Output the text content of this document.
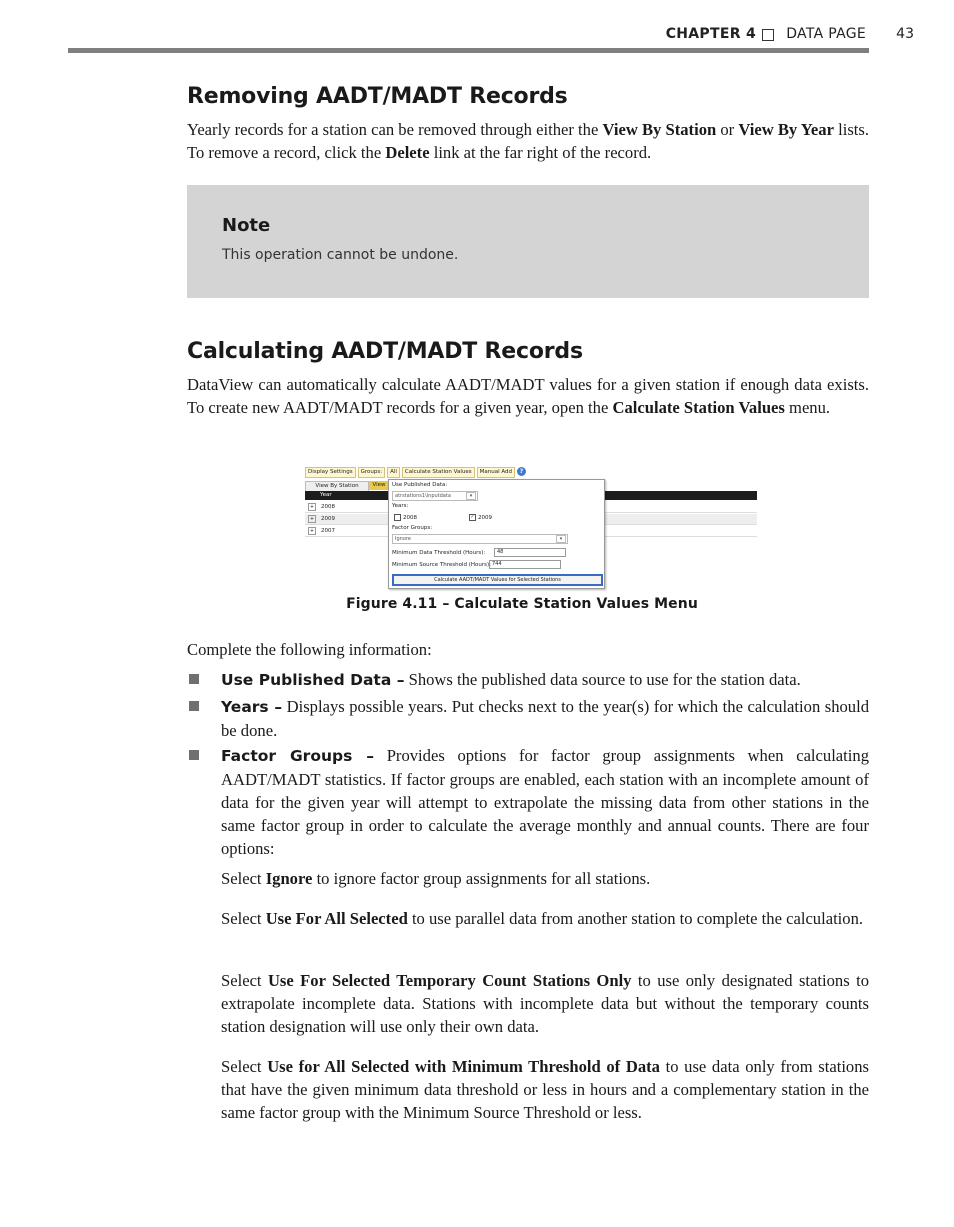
CHAPTER 4 DATA PAGE 43
Removing AADT/MADT Records

Yearly records for a station can be removed through either the View By Station or View By Year lists. To remove a record, click the Delete link at the far right of the record.

Note
This operation cannot be undone.
Calculating AADT/MADT Records

DataView can automatically calculate AADT/MADT values for a given station if enough data exists. To create new AADT/MADT records for a given year, open the Calculate Station Values menu.

Display Settings	Groups:	All	Calculate Station Values	Manual Add	?
View By Station	View
Year
+ 2008
+ 2009
+ 2007
Use Published Data:
atrstations1\inputdata	▾
Years:
2008	✓ 2009
Factor Groups:
Ignore	▾
Minimum Data Threshold (Hours):	48
Minimum Source Threshold (Hours): 744
Calculate AADT/MADT Values for Selected Stations
Figure 4.11 – Calculate Station Values Menu

Complete the following information:

Use Published Data – Shows the published data source to use for the station data.
Years – Displays possible years. Put checks next to the year(s) for which the calculation should be done.
Factor Groups – Provides options for factor group assignments when calculating AADT/MADT statistics. If factor groups are enabled, each station with an incomplete amount of data for the given year will attempt to extrapolate the missing data from other stations in the same factor group in order to calculate the average monthly and annual counts. There are four options:

Select Ignore to ignore factor group assignments for all stations.

Select Use For All Selected to use parallel data from another station to complete the calculation.

Select Use For Selected Temporary Count Stations Only to use only designated stations to extrapolate incomplete data. Stations with incomplete data but without the temporary counts station designation will use only their own data.

Select Use for All Selected with Minimum Threshold of Data to use data only from stations that have the given minimum data threshold or less in hours and a complementary station in the same factor group with the Minimum Source Threshold or less.
